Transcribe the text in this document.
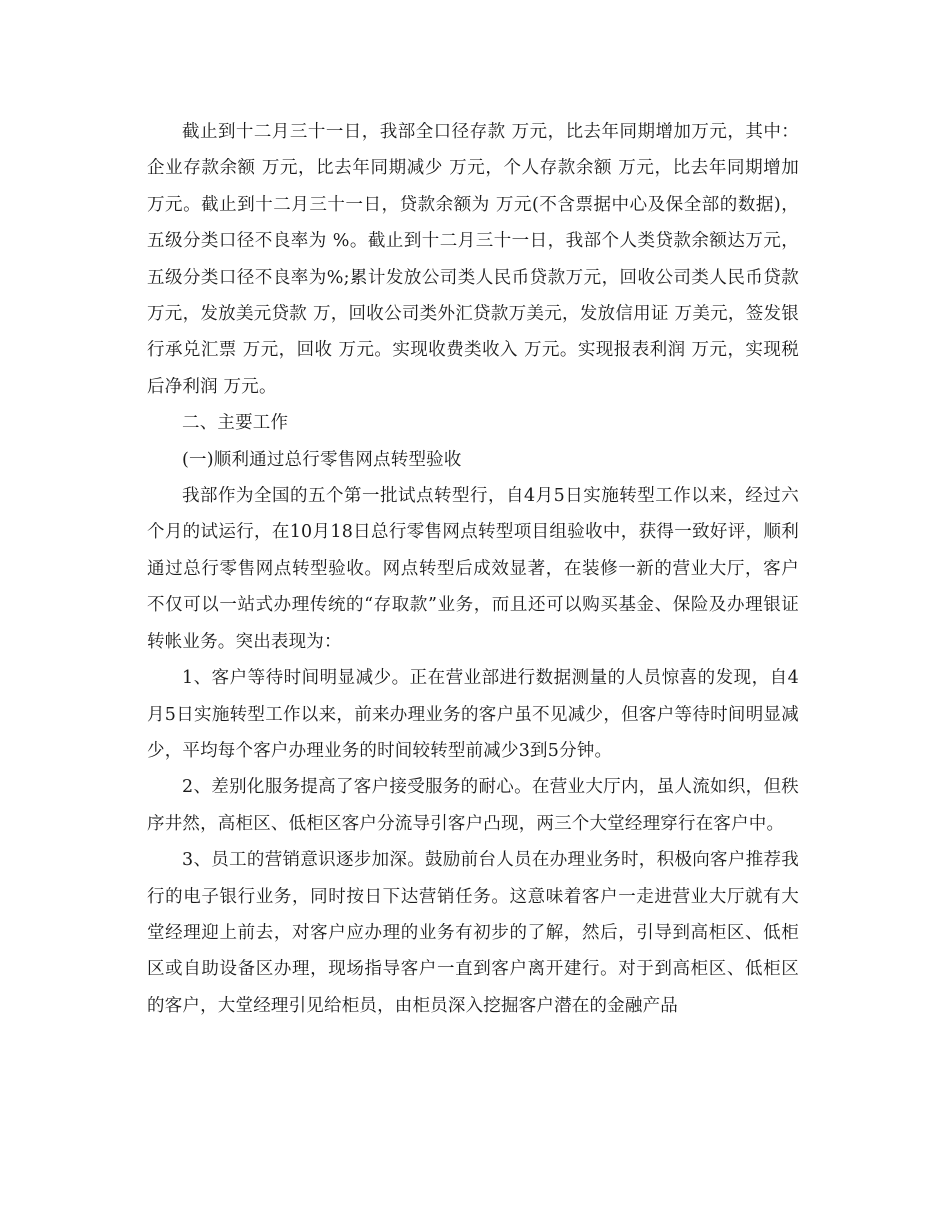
截止到十二月三十一日，我部全口径存款 万元，比去年同期增加万元，其中：企业存款余额 万元，比去年同期减少 万元，个人存款余额 万元，比去年同期增加万元。截止到十二月三十一日，贷款余额为 万元(不含票据中心及保全部的数据)，五级分类口径不良率为 %。截止到十二月三十一日，我部个人类贷款余额达万元，五级分类口径不良率为%;累计发放公司类人民币贷款万元，回收公司类人民币贷款万元，发放美元贷款 万，回收公司类外汇贷款万美元，发放信用证 万美元，签发银行承兑汇票 万元，回收 万元。实现收费类收入 万元。实现报表利润 万元，实现税后净利润 万元。

二、主要工作

(一)顺利通过总行零售网点转型验收

我部作为全国的五个第一批试点转型行，自4月5日实施转型工作以来，经过六个月的试运行，在10月18日总行零售网点转型项目组验收中，获得一致好评，顺利通过总行零售网点转型验收。网点转型后成效显著，在装修一新的营业大厅，客户不仅可以一站式办理传统的“存取款”业务，而且还可以购买基金、保险及办理银证转帐业务。突出表现为：

1、客户等待时间明显减少。正在营业部进行数据测量的人员惊喜的发现，自4月5日实施转型工作以来，前来办理业务的客户虽不见减少，但客户等待时间明显减少，平均每个客户办理业务的时间较转型前减少3到5分钟。

2、差别化服务提高了客户接受服务的耐心。在营业大厅内，虽人流如织，但秩序井然，高柜区、低柜区客户分流导引客户凸现，两三个大堂经理穿行在客户中。

3、员工的营销意识逐步加深。鼓励前台人员在办理业务时，积极向客户推荐我行的电子银行业务，同时按日下达营销任务。这意味着客户一走进营业大厅就有大堂经理迎上前去，对客户应办理的业务有初步的了解，然后，引导到高柜区、低柜区或自助设备区办理，现场指导客户一直到客户离开建行。对于到高柜区、低柜区的客户，大堂经理引见给柜员，由柜员深入挖掘客户潜在的金融产品
